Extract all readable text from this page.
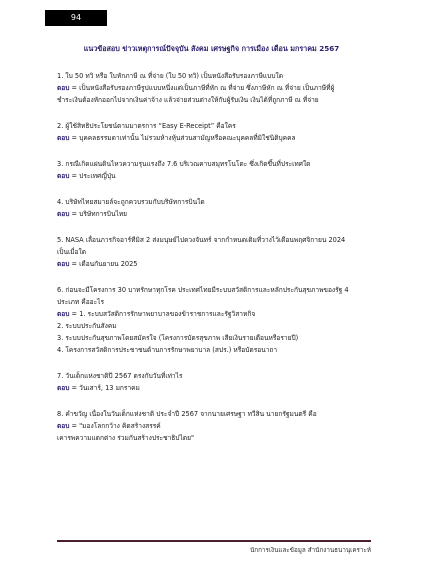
94
แนวข้อสอบ ข่าวเหตุการณ์ปัจจุบัน สังคม เศรษฐกิจ การเมือง เดือน มกราคม 2567
1. ใบ 50 ทวิ หรือ ใบหักภาษี ณ ที่จ่าย (ใบ 50 ทวิ) เป็นหนังสือรับรองภาษีแบบใด
ตอบ = เป็นหนังสือรับรองภาษีรูปแบบหนึ่งแต่เป็นภาษีที่หัก ณ ที่จ่าย ซึ่งภาษีหัก ณ ที่จ่าย เป็นภาษีที่ผู้
ชำระเงินต้องหักออกไปจากเงินค่าจ้าง แล้วจ่ายส่วนต่างให้กับผู้รับเงิน เงินได้ที่ถูกภาษี ณ ที่จ่าย
2. ผู้ใช้สิทธิประโยชน์ตามมาตรการ “Easy E-Receipt” คือใคร
ตอบ = บุคคลธรรมดาเท่านั้น ไม่รวมห้างหุ้นส่วนสามัญหรือคณะบุคคลที่มิใช่นิติบุคคล
3. กรณีเกิดแผ่นดินไหวความรุนแรงถึง 7.6 บริเวณคาบสมุทรโนโตะ ซึ่งเกิดขึ้นที่ประเทศใด
ตอบ = ประเทศญี่ปุ่น
4. บริษัทไทยสมายล์จะถูกควบรวมกับบริษัทการบินใด
ตอบ = บริษัทการบินไทย
5. NASA เลื่อนภารกิจอาร์ทีมิส 2 ส่งมนุษย์ไปดวงจันทร์ จากกำหนดเดิมที่วางไว้เดือนพฤศจิกายน 2024
เป็นเมื่อใด
ตอบ = เดือนกันยายน 2025
6. ก่อนจะมีโครงการ 30 บาทรักษาทุกโรค ประเทศไทยมีระบบสวัสดิการและหลักประกันสุขภาพของรัฐ 4
ประเภท คืออะไร
ตอบ = 1. ระบบสวัสดิการรักษาพยาบาลของข้าราชการและรัฐวิสาหกิจ
2. ระบบประกันสังคม
3. ระบบประกันสุขภาพโดยสมัครใจ (โครงการบัตรสุขภาพ เสียเงินรายเดือนหรือรายปี)
4. โครงการสวัสดิการประชาชนด้านการรักษาพยาบาล (สปร.) หรือบัตรอนาถา
7. วันเด็กแห่งชาติปี 2567 ตรงกับวันที่เท่าไร
ตอบ = วันเสาร์, 13 มกราคม
8. คำขวัญ เนื่องในวันเด็กแห่งชาติ ประจำปี 2567 จากนายเศรษฐา ทวีสิน นายกรัฐมนตรี คือ
ตอบ = "มองโลกกว้าง คิดสร้างสรรค์
เคารพความแตกต่าง ร่วมกันสร้างประชาธิปไตย"
นักการเงินและข้อมูล สำนักงานธนานุเคราะห์
